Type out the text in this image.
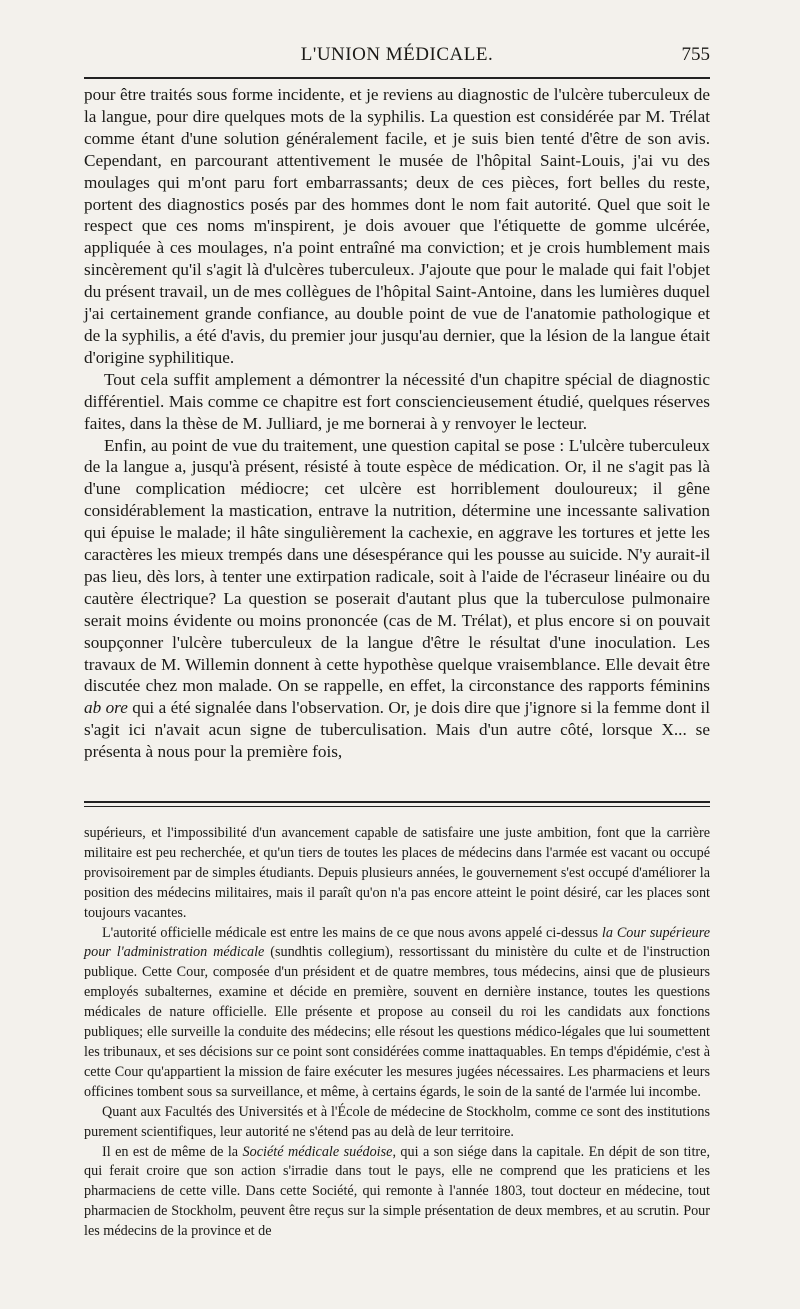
L'UNION MÉDICALE.	755

pour être traités sous forme incidente, et je reviens au diagnostic de l'ulcère tuberculeux de la langue, pour dire quelques mots de la syphilis. La question est considérée par M. Trélat comme étant d'une solution généralement facile, et je suis bien tenté d'être de son avis. Cependant, en parcourant attentivement le musée de l'hôpital Saint-Louis, j'ai vu des moulages qui m'ont paru fort embarrassants; deux de ces pièces, fort belles du reste, portent des diagnostics posés par des hommes dont le nom fait autorité. Quel que soit le respect que ces noms m'inspirent, je dois avouer que l'étiquette de gomme ulcérée, appliquée à ces moulages, n'a point entraîné ma conviction; et je crois humblement mais sincèrement qu'il s'agit là d'ulcères tuberculeux. J'ajoute que pour le malade qui fait l'objet du présent travail, un de mes collègues de l'hôpital Saint-Antoine, dans les lumières duquel j'ai certainement grande confiance, au double point de vue de l'anatomie pathologique et de la syphilis, a été d'avis, du premier jour jusqu'au dernier, que la lésion de la langue était d'origine syphilitique.

Tout cela suffit amplement a démontrer la nécessité d'un chapitre spécial de diagnostic différentiel. Mais comme ce chapitre est fort consciencieusement étudié, quelques réserves faites, dans la thèse de M. Julliard, je me bornerai à y renvoyer le lecteur.

Enfin, au point de vue du traitement, une question capital se pose : L'ulcère tuberculeux de la langue a, jusqu'à présent, résisté à toute espèce de médication. Or, il ne s'agit pas là d'une complication médiocre; cet ulcère est horriblement douloureux; il gêne considérablement la mastication, entrave la nutrition, détermine une incessante salivation qui épuise le malade; il hâte singulièrement la cachexie, en aggrave les tortures et jette les caractères les mieux trempés dans une désespérance qui les pousse au suicide. N'y aurait-il pas lieu, dès lors, à tenter une extirpation radicale, soit à l'aide de l'écraseur linéaire ou du cautère électrique? La question se poserait d'autant plus que la tuberculose pulmonaire serait moins évidente ou moins prononcée (cas de M. Trélat), et plus encore si on pouvait soupçonner l'ulcère tuberculeux de la langue d'être le résultat d'une inoculation. Les travaux de M. Willemin donnent à cette hypothèse quelque vraisemblance. Elle devait être discutée chez mon malade. On se rappelle, en effet, la circonstance des rapports féminins ab ore qui a été signalée dans l'observation. Or, je dois dire que j'ignore si la femme dont il s'agit ici n'avait acun signe de tuberculisation. Mais d'un autre côté, lorsque X... se présenta à nous pour la première fois,

supérieurs, et l'impossibilité d'un avancement capable de satisfaire une juste ambition, font que la carrière militaire est peu recherchée, et qu'un tiers de toutes les places de médecins dans l'armée est vacant ou occupé provisoirement par de simples étudiants. Depuis plusieurs années, le gouvernement s'est occupé d'améliorer la position des médecins militaires, mais il paraît qu'on n'a pas encore atteint le point désiré, car les places sont toujours vacantes.

L'autorité officielle médicale est entre les mains de ce que nous avons appelé ci-dessus la Cour supérieure pour l'administration médicale (sundhtis collegium), ressortissant du ministère du culte et de l'instruction publique. Cette Cour, composée d'un président et de quatre membres, tous médecins, ainsi que de plusieurs employés subalternes, examine et décide en première, souvent en dernière instance, toutes les questions médicales de nature officielle. Elle présente et propose au conseil du roi les candidats aux fonctions publiques; elle surveille la conduite des médecins; elle résout les questions médico-légales que lui soumettent les tribunaux, et ses décisions sur ce point sont considérées comme inattaquables. En temps d'épidémie, c'est à cette Cour qu'appartient la mission de faire exécuter les mesures jugées nécessaires. Les pharmaciens et leurs officines tombent sous sa surveillance, et même, à certains égards, le soin de la santé de l'armée lui incombe.

Quant aux Facultés des Universités et à l'École de médecine de Stockholm, comme ce sont des institutions purement scientifiques, leur autorité ne s'étend pas au delà de leur territoire.

Il en est de même de la Société médicale suédoise, qui a son siége dans la capitale. En dépit de son titre, qui ferait croire que son action s'irradie dans tout le pays, elle ne comprend que les praticiens et les pharmaciens de cette ville. Dans cette Société, qui remonte à l'année 1803, tout docteur en médecine, tout pharmacien de Stockholm, peuvent être reçus sur la simple présentation de deux membres, et au scrutin. Pour les médecins de la province et de
